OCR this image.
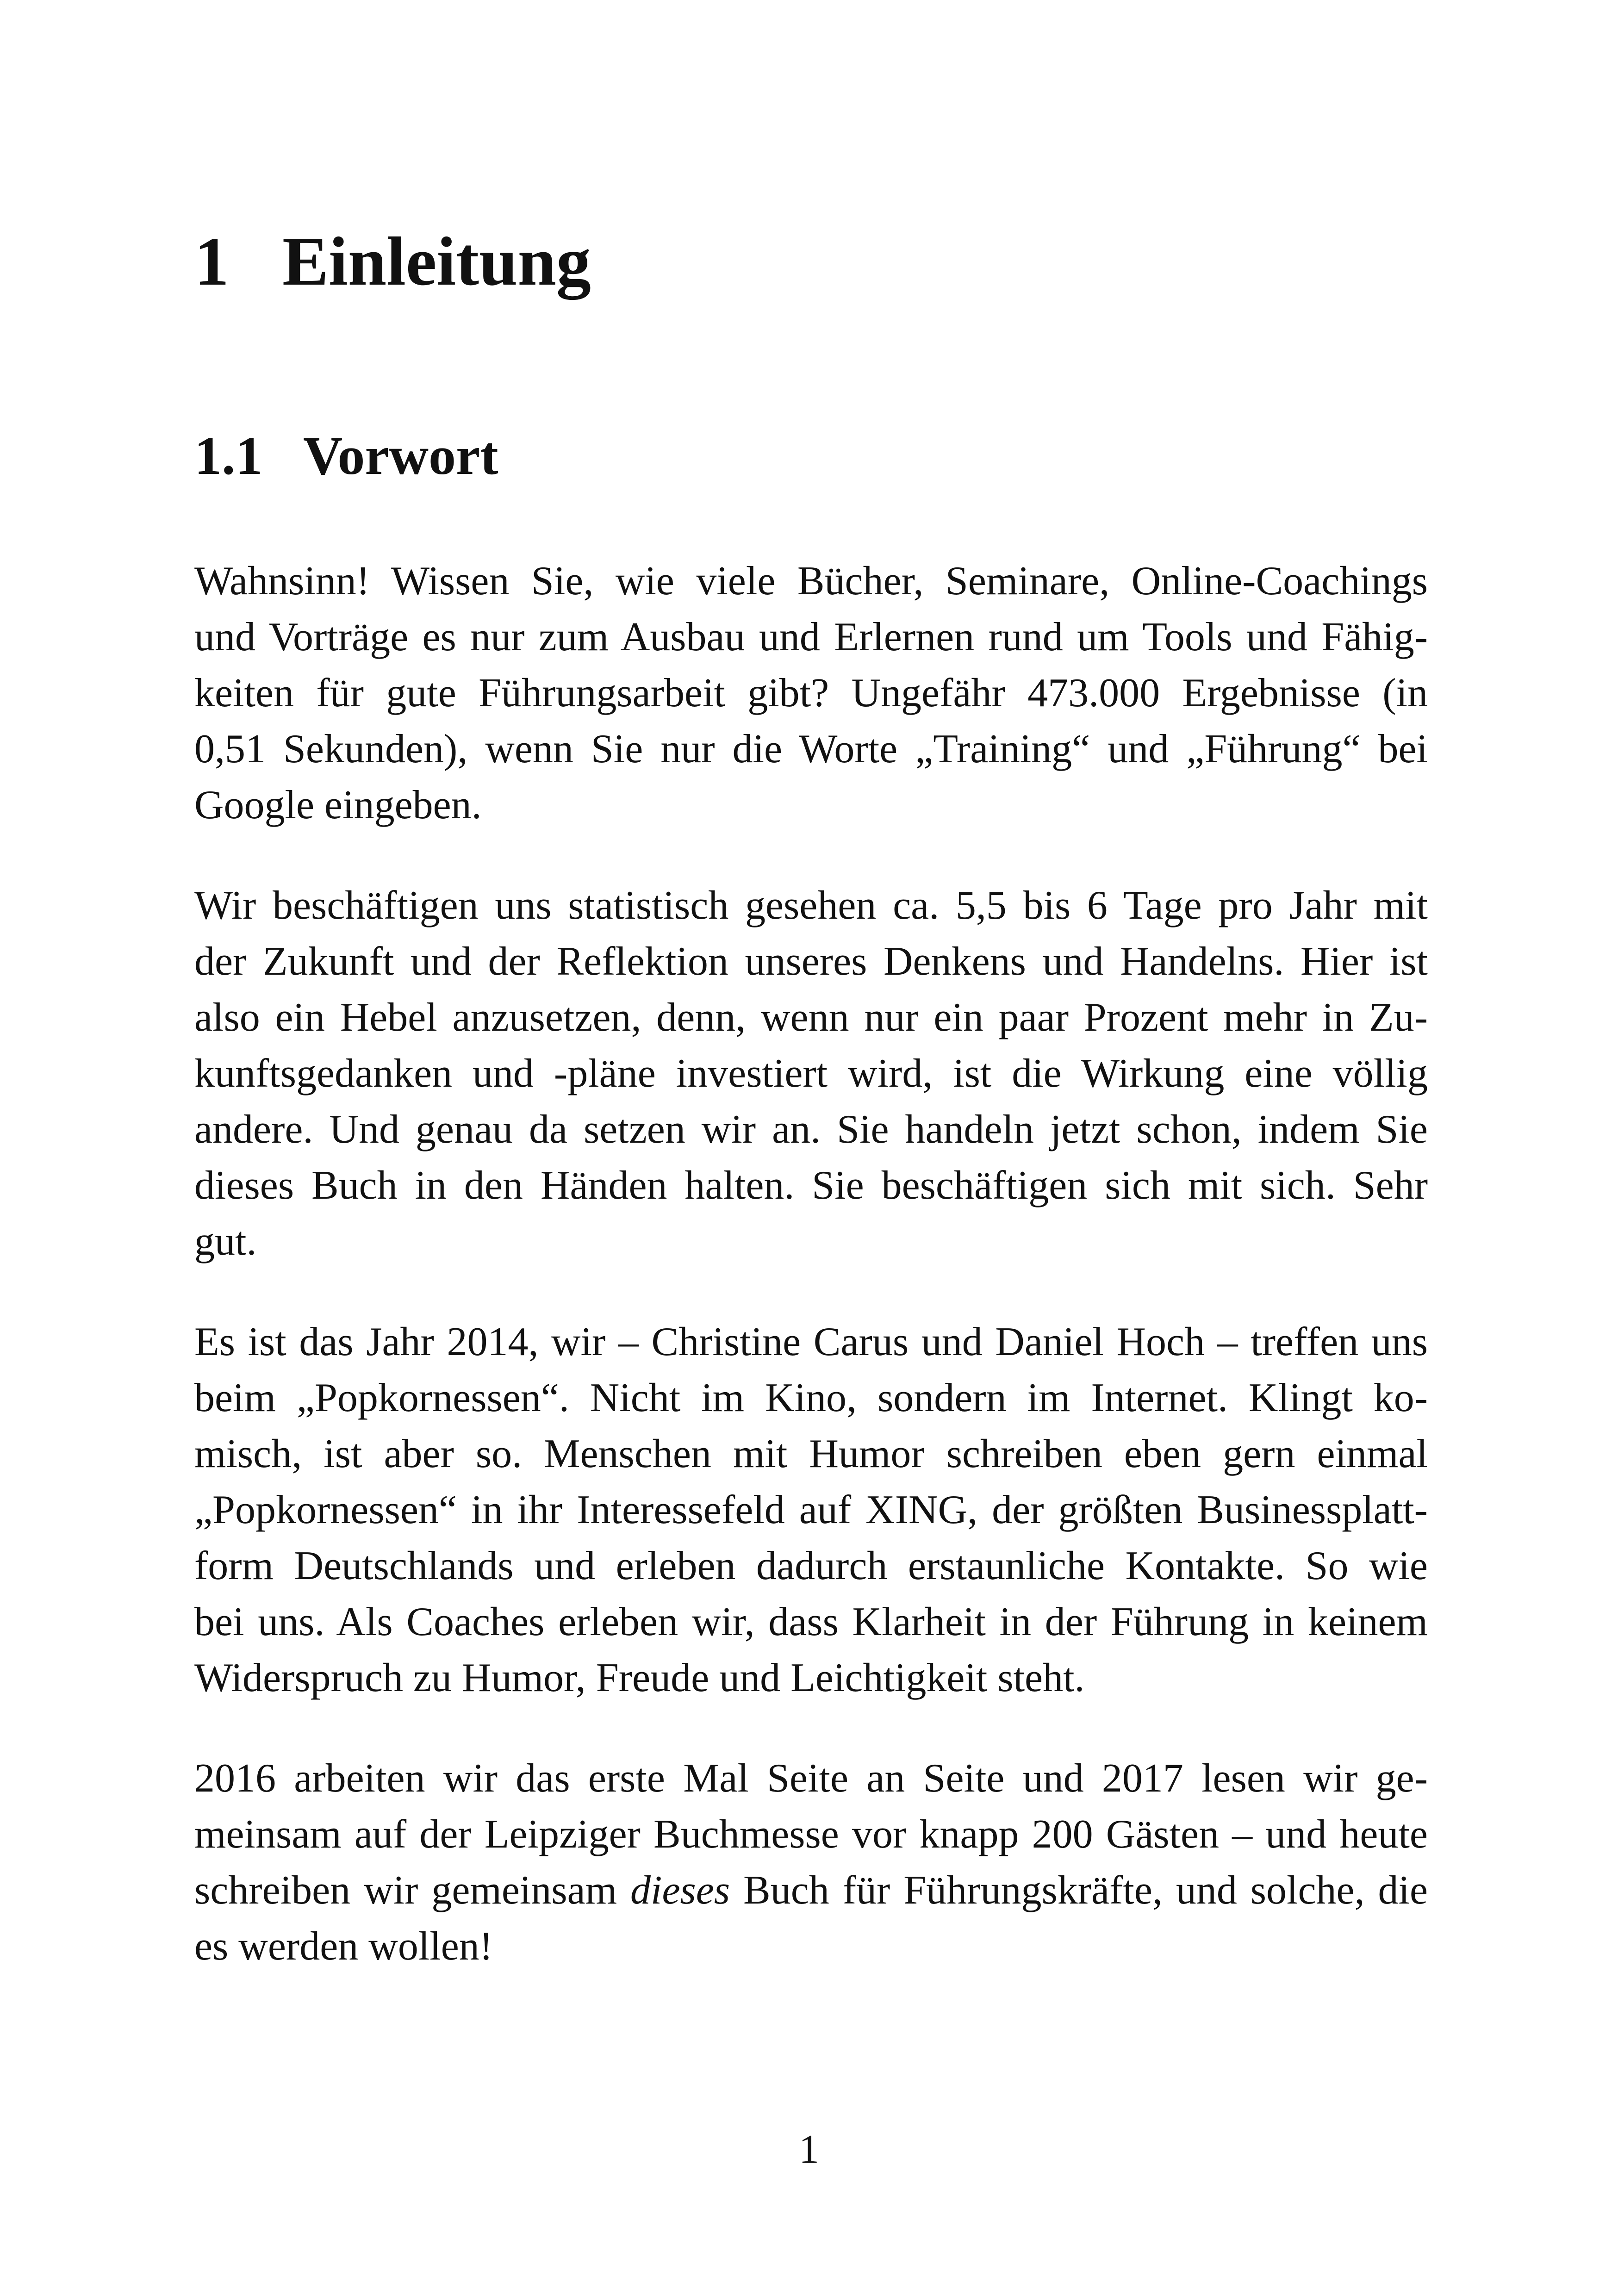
1 Einleitung
1.1 Vorwort

Wahnsinn! Wissen Sie, wie viele Bücher, Seminare, Online-Coachings
und Vorträge es nur zum Ausbau und Erlernen rund um Tools und Fähig-
keiten für gute Führungsarbeit gibt? Ungefähr 473.000 Ergebnisse (in
0,51 Sekunden), wenn Sie nur die Worte „Training“ und „Führung“ bei
Google eingeben.

Wir beschäftigen uns statistisch gesehen ca. 5,5 bis 6 Tage pro Jahr mit
der Zukunft und der Reflektion unseres Denkens und Handelns. Hier ist
also ein Hebel anzusetzen, denn, wenn nur ein paar Prozent mehr in Zu-
kunftsgedanken und -pläne investiert wird, ist die Wirkung eine völlig
andere. Und genau da setzen wir an. Sie handeln jetzt schon, indem Sie
dieses Buch in den Händen halten. Sie beschäftigen sich mit sich. Sehr
gut.

Es ist das Jahr 2014, wir – Christine Carus und Daniel Hoch – treffen uns
beim „Popkornessen“. Nicht im Kino, sondern im Internet. Klingt ko-
misch, ist aber so. Menschen mit Humor schreiben eben gern einmal
„Popkornessen“ in ihr Interessefeld auf XING, der größten Businessplatt-
form Deutschlands und erleben dadurch erstaunliche Kontakte. So wie
bei uns. Als Coaches erleben wir, dass Klarheit in der Führung in keinem
Widerspruch zu Humor, Freude und Leichtigkeit steht.

2016 arbeiten wir das erste Mal Seite an Seite und 2017 lesen wir ge-
meinsam auf der Leipziger Buchmesse vor knapp 200 Gästen – und heute
schreiben wir gemeinsam dieses Buch für Führungskräfte, und solche, die
es werden wollen!

1
